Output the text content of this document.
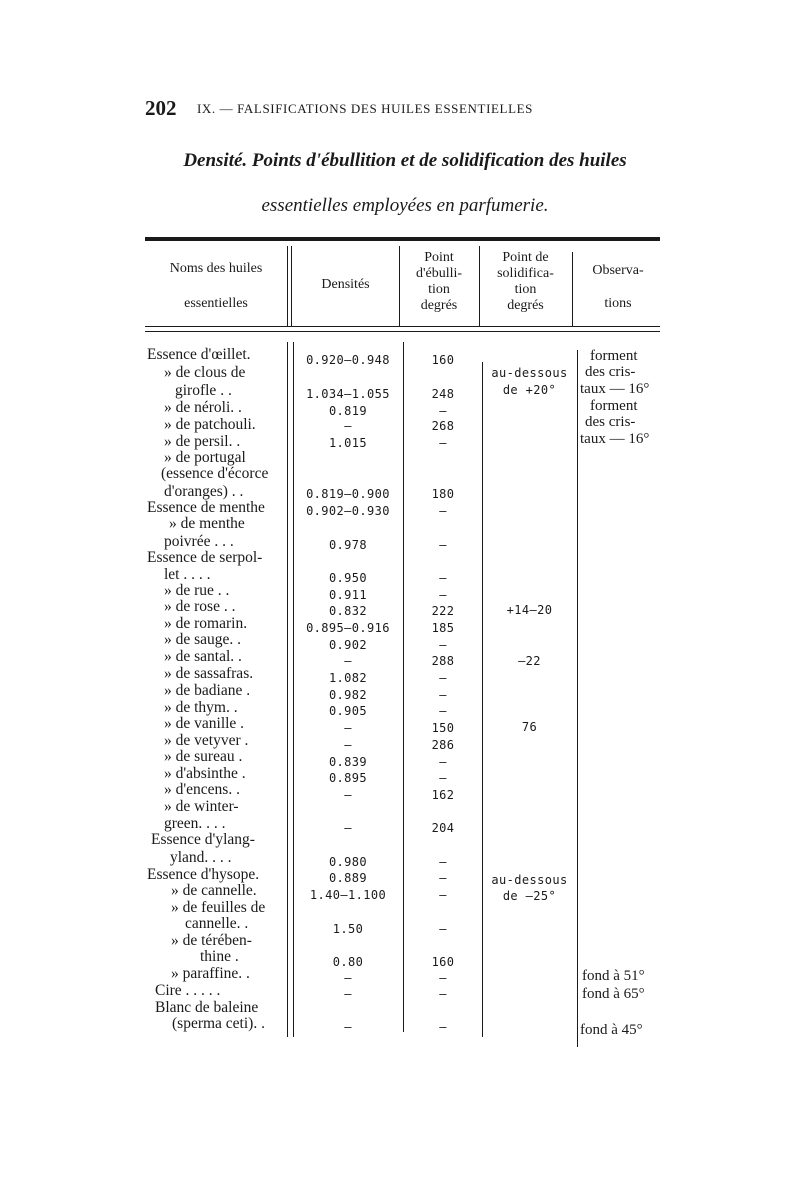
202 IX. — FALSIFICATIONS DES HUILES ESSENTIELLES
Densité. Points d'ébullition et de solidification des huiles
essentielles employées en parfumerie.
Noms des huiles
essentielles
Densités
Point
d'ébulli-
tion
degrés
Point de
solidifica-
tion
degrés
Observa-
tions
Essence d'œillet.
» de clous de
girofle . .
» de néroli. .
» de patchouli.
» de persil. .
» de portugal
(essence d'écorce
d'oranges) . .
Essence de menthe
» de menthe
poivrée . . .
Essence de serpol-
let . . . .
» de rue . .
» de rose . .
» de romarin.
» de sauge. .
» de santal. .
» de sassafras.
» de badiane .
» de thym. .
» de vanille .
» de vetyver .
» de sureau .
» d'absinthe .
» d'encens. .
» de winter-
green. . . .
Essence d'ylang-
yland. . . .
Essence d'hysope.
» de cannelle.
» de feuilles de
cannelle. .
» de térében-
thine .
» paraffine. .
Cire . . . . .
Blanc de baleine
(sperma ceti). .
0.920—0.948
1.034—1.055
0.819
—
1.015
0.819—0.900
0.902—0.930
0.978
0.950
0.911
0.832
0.895—0.916
0.902
—
1.082
0.982
0.905
—
—
0.839
0.895
—
—
0.980
0.889
1.40—1.100
1.50
0.80
—
—
—
160
248
—
268
—
180
—
—
—
—
222
185
—
288
—
—
—
150
286
—
—
162
204
—
—
—
—
160
—
—
—
au-dessous
de +20°
+14—20
—22
76
au-dessous
de —25°
forment
des cris-
taux — 16°
forment
des cris-
taux — 16°
fond à 51°
fond à 65°
fond à 45°
